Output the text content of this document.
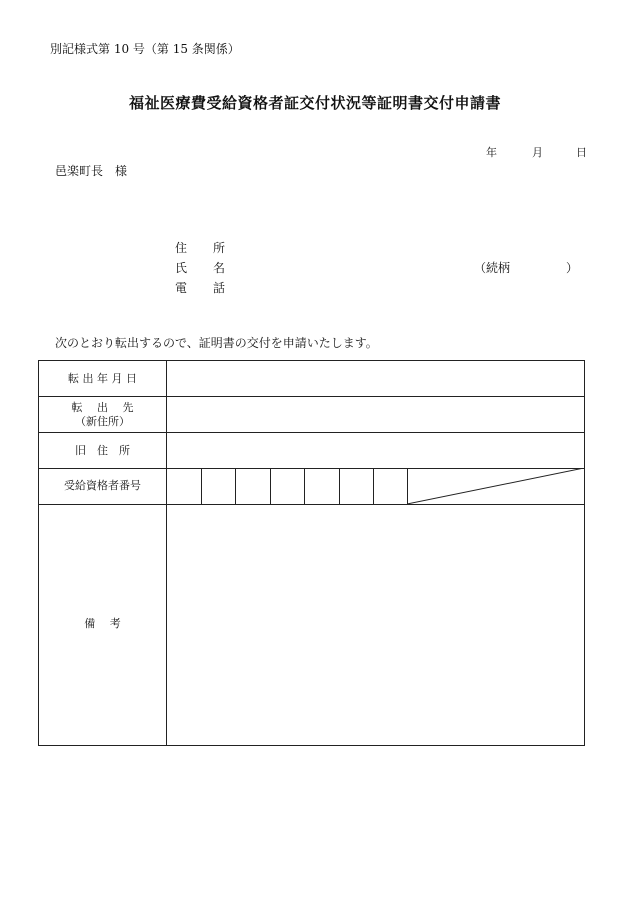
別記様式第 10 号（第 15 条関係）
福祉医療費受給資格者証交付状況等証明書交付申請書
年	月	日
邑楽町長　様
住 所
氏 名
電 話
（続柄	）
次のとおり転出するので、証明書の交付を申請いたします。
転 出 年 月 日
転　 出　 先
（新住所）
旧　住　所
受給資格者番号
備　 考
